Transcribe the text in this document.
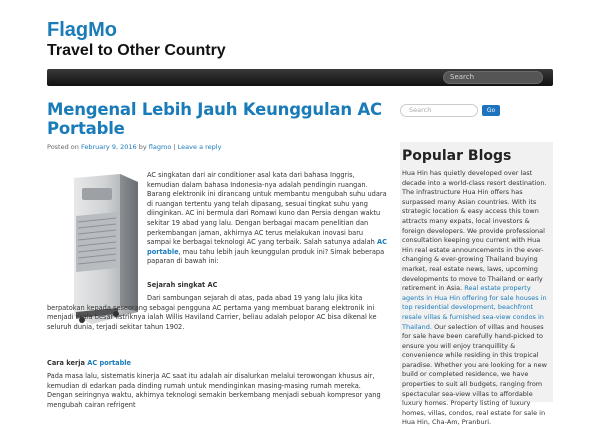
FlagMo
Travel to Other Country
Search
Mengenal Lebih Jauh Keunggulan AC Portable
Posted on February 9, 2016 by flagmo | Leave a reply
AC singkatan dari air conditioner asal kata dari bahasa Inggris, kemudian dalam bahasa Indonesia-nya adalah pendingin ruangan. Barang elektronik ini dirancang untuk membantu mengubah suhu udara di ruangan tertentu yang telah dipasang, sesuai tingkat suhu yang diinginkan. AC ini bermula dari Romawi kuno dan Persia dengan waktu sekitar 19 abad yang lalu. Dengan berbagai macam penelitian dan perkembangan jaman, akhirnya AC terus melakukan inovasi baru sampai ke berbagai teknologi AC yang terbaik. Salah satunya adalah AC portable, mau tahu lebih jauh keunggulan produk ini? Simak beberapa paparan di bawah ini:
Sejarah singkat AC
Dari sambungan sejarah di atas, pada abad 19 yang lalu jika kita berpatokan kepada seseorang sebagai pengguna AC pertama yang membuat barang elektronik ini menjadi skala besar listriknya ialah Willis Haviland Carrier, beliau adalah pelopor AC bisa dikenal ke seluruh dunia, terjadi sekitar tahun 1902.
Cara kerja AC portable
Pada masa lalu, sistematis kinerja AC saat itu adalah air disalurkan melalui terowongan khusus air, kemudian di edarkan pada dinding rumah untuk mendinginkan masing-masing rumah mereka. Dengan seiringnya waktu, akhirnya teknologi semakin berkembang menjadi sebuah kompresor yang mengubah cairan refrigent
Search	Go
Popular Blogs
Hua Hin has quietly developed over last decade into a world-class resort destination. The infrastructure Hua Hin offers has surpassed many Asian countries. With its strategic location & easy access this town attracts many expats, local investors & foreign developers. We provide professional consultation keeping you current with Hua Hin real estate announcements in the ever-changing & ever-growing Thailand buying market, real estate news, laws, upcoming developments to move to Thailand or early retirement in Asia. Real estate property agents in Hua Hin offering for sale houses in top residential development, beachfront resale villas & furnished sea-view condos in Thailand. Our selection of villas and houses for sale have been carefully hand-picked to ensure you will enjoy tranquillity & convenience while residing in this tropical paradise. Whether you are looking for a new build or completed residence, we have properties to suit all budgets, ranging from spectacular sea-view villas to affordable luxury homes. Property listing of luxury homes, villas, condos, real estate for sale in Hua Hin, Cha-Am, Pranburi.
